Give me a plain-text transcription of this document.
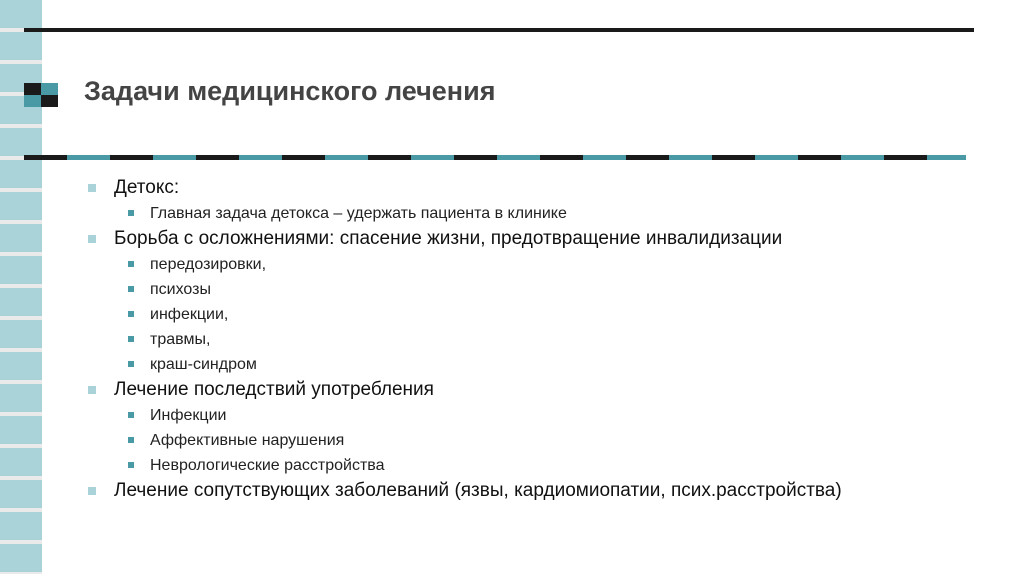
Задачи медицинского лечения
Детокс:
Главная задача детокса – удержать пациента в клинике
Борьба с осложнениями: спасение жизни, предотвращение инвалидизации
передозировки,
психозы
инфекции,
травмы,
краш-синдром
Лечение последствий употребления
Инфекции
Аффективные нарушения
Неврологические расстройства
Лечение сопутствующих заболеваний (язвы, кардиомиопатии, псих.расстройства)
